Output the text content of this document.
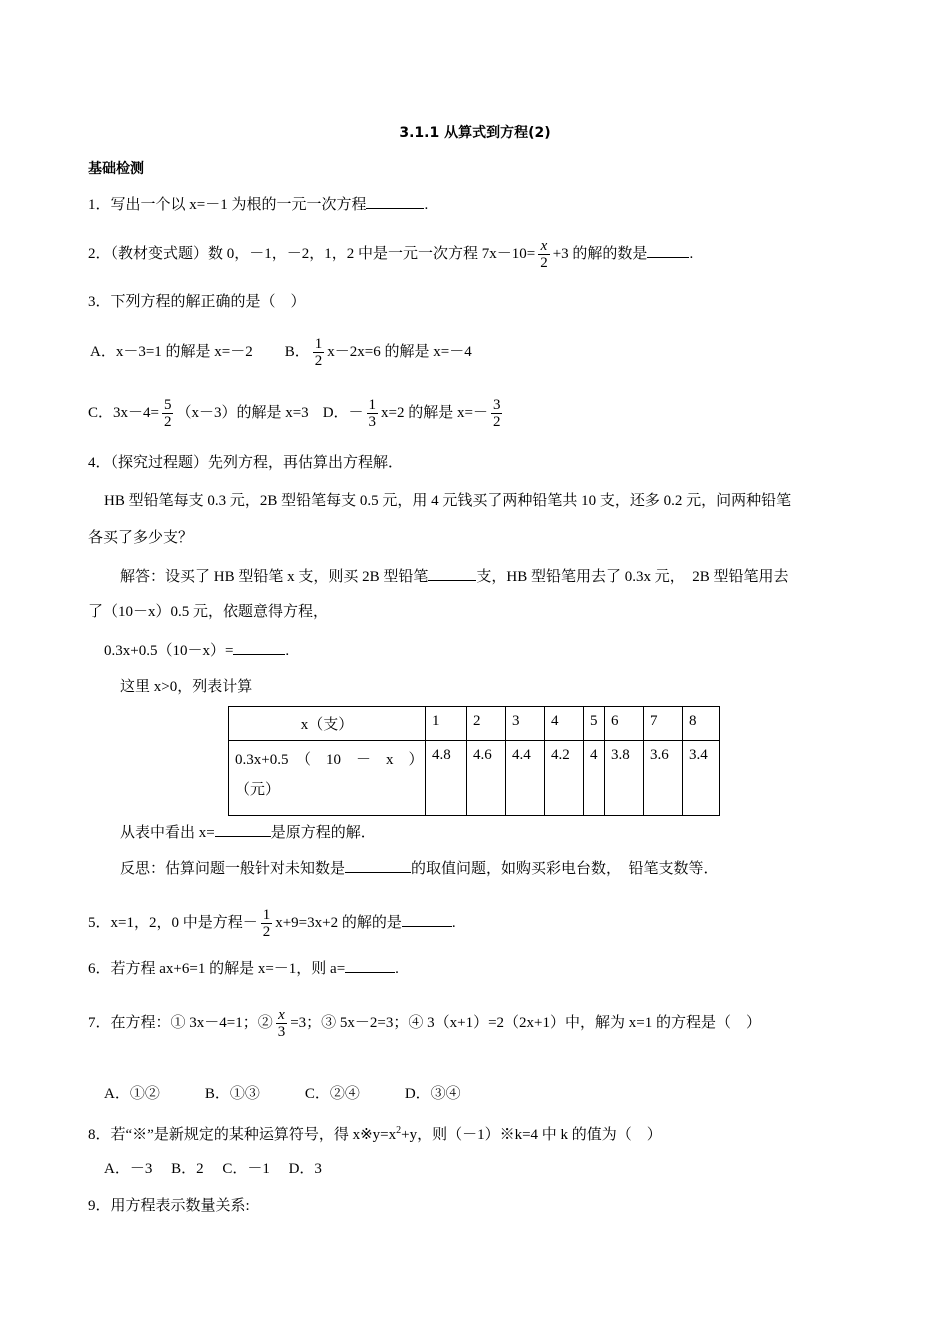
3.1.1 从算式到方程(2)
基础检测
1．写出一个以 x=－1 为根的一元一次方程	.
2．（教材变式题）数 0，－1，－2，1，2 中是一元一次方程 $7x-10= \frac{x}{2} +3$ 的解的数是	.
3．下列方程的解正确的是（　）
A．x－3=1 的解是 x=－2 B． $\frac{1}{2} x-2x=6$ 的解是 x=－4
C．$3x-4= \frac{5}{2} (x-3)$的解是 x=3 D．－ $\frac{1}{3} x=2$ 的解是 $x=- \frac{3}{2}$
4．（探究过程题）先列方程，再估算出方程解．
HB 型铅笔每支 0.3 元，2B 型铅笔每支 0.5 元，用 4 元钱买了两种铅笔共 10 支，还多 0.2 元，问两种铅笔
各买了多少支？
解答：设买了 HB 型铅笔 x 支，则买 2B 型铅笔	支，HB 型铅笔用去了 0.3x 元，　2B 型铅笔用去
了（10－x）0.5 元，依题意得方程，
0.3x+0.5（10－x）=	.
这里 x>0，列表计算
x（支）	1	2	3	4	5	6	7	8
0.3x+0.5　（　10　－　x　）（元）	4.8	4.6	4.4	4.2	4	3.8	3.6	3.4
从表中看出 x=	是原方程的解．
反思：估算问题一般针对未知数是	的取值问题，如购买彩电台数，　铅笔支数等．
5．x=1，2，0 中是方程－ $\frac{1}{2} x+9=3x+2$ 的解的是	.
6．若方程 ax+6=1 的解是 x=－1，则 a=	.
7．在方程：① 3x－4=1；② $\frac{x}{3} =3$；③ 5x－2=3；④ 3（x+1）=2（2x+1）中，解为 x=1 的方程是（　）
A．①②　　　B．①③　　　C．②④　　　D．③④
8．若“※”是新规定的某种运算符号，得 $x※y=x^2+y$，则（－1）※k=4 中 k 的值为（　）
A．－3　 B．2　 C．－1　 D．3
9．用方程表示数量关系:
